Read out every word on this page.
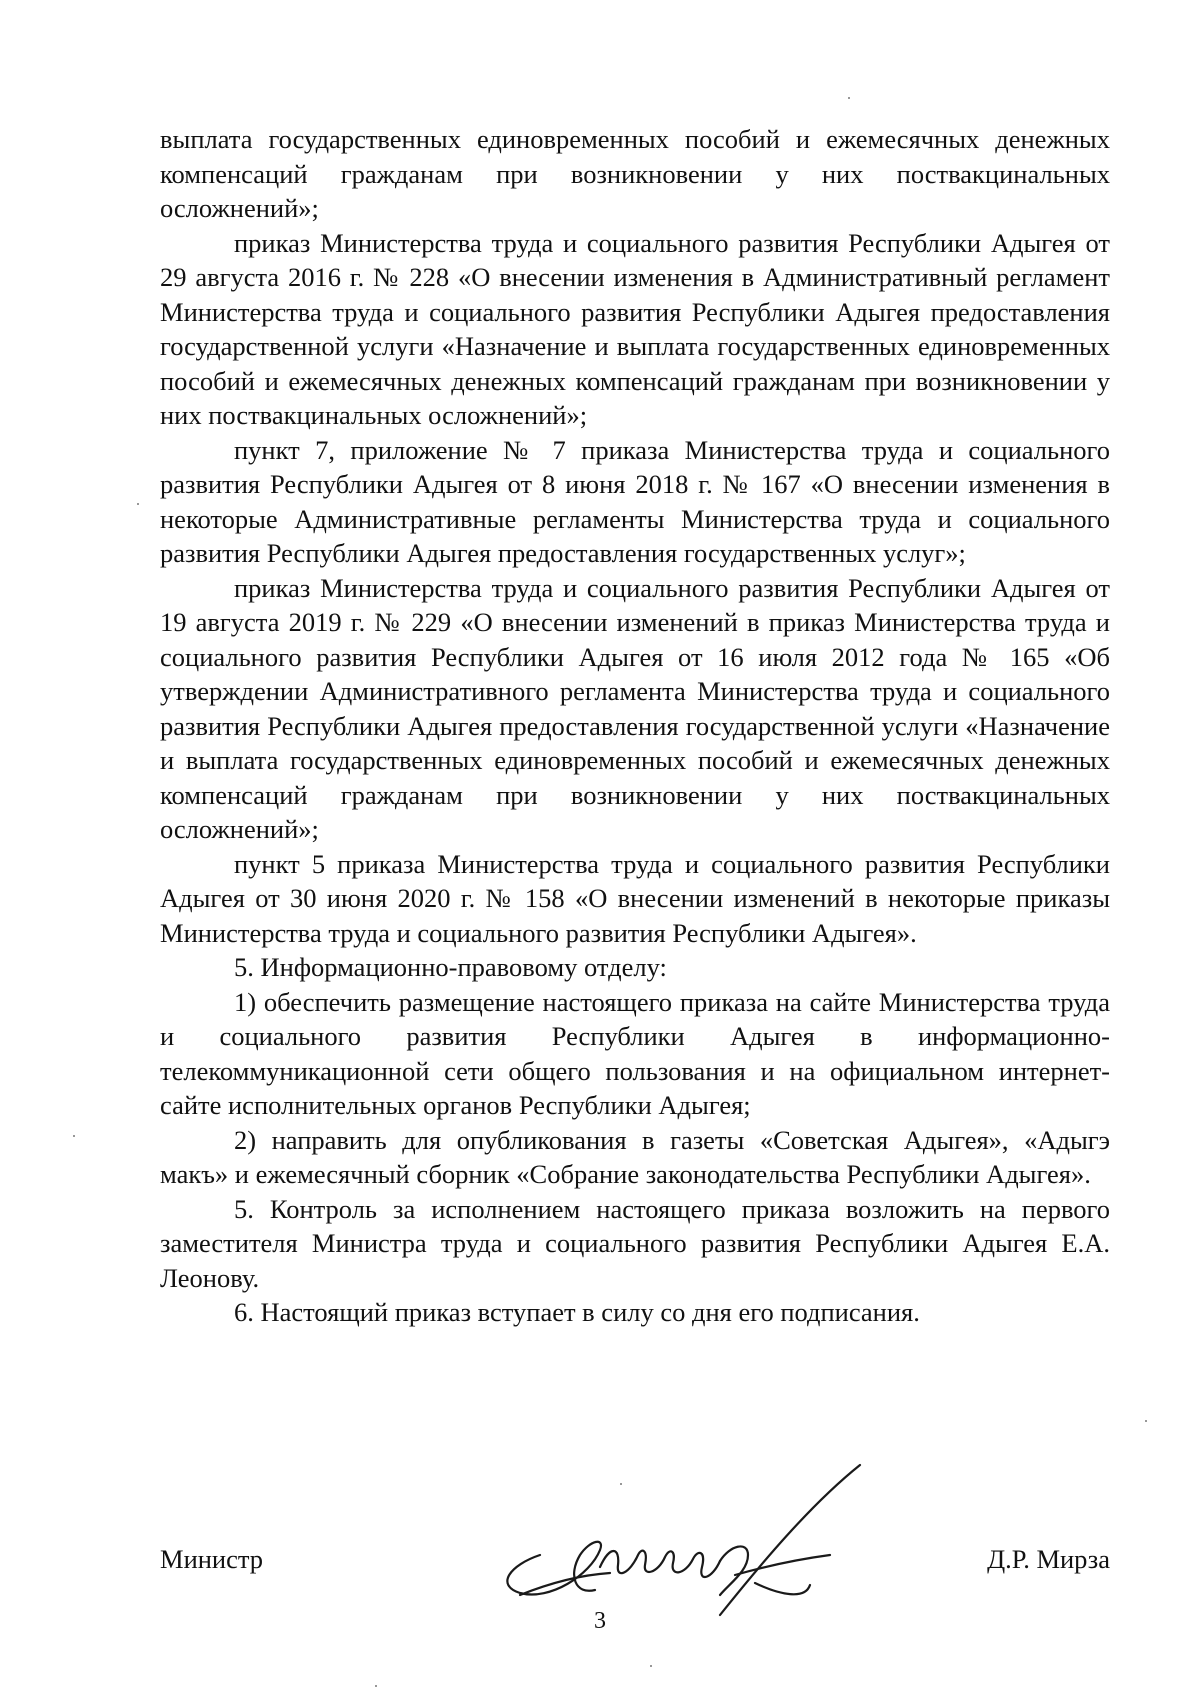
выплата государственных единовременных пособий и ежемесячных денежных компенсаций гражданам при возникновении у них поствакцинальных осложнений»;

приказ Министерства труда и социального развития Республики Адыгея от 29 августа 2016 г. № 228 «О внесении изменения в Административный регламент Министерства труда и социального развития Республики Адыгея предоставления государственной услуги «Назначение и выплата государственных единовременных пособий и ежемесячных денежных компенсаций гражданам при возникновении у них поствакцинальных осложнений»;

пункт 7, приложение № 7 приказа Министерства труда и социального развития Республики Адыгея от 8 июня 2018 г. № 167 «О внесении изменения в некоторые Административные регламенты Министерства труда и социального развития Республики Адыгея предоставления государственных услуг»;

приказ Министерства труда и социального развития Республики Адыгея от 19 августа 2019 г. № 229 «О внесении изменений в приказ Министерства труда и социального развития Республики Адыгея от 16 июля 2012 года № 165 «Об утверждении Административного регламента Министерства труда и социального развития Республики Адыгея предоставления государственной услуги «Назначение и выплата государственных единовременных пособий и ежемесячных денежных компенсаций гражданам при возникновении у них поствакцинальных осложнений»;

пункт 5 приказа Министерства труда и социального развития Республики Адыгея от 30 июня 2020 г. № 158 «О внесении изменений в некоторые приказы Министерства труда и социального развития Республики Адыгея».

5. Информационно-правовому отделу:

1) обеспечить размещение настоящего приказа на сайте Министерства труда и социального развития Республики Адыгея в информационно-телекоммуникационной сети общего пользования и на официальном интернет-сайте исполнительных органов Республики Адыгея;

2) направить для опубликования в газеты «Советская Адыгея», «Адыгэ макъ» и ежемесячный сборник «Собрание законодательства Республики Адыгея».

5. Контроль за исполнением настоящего приказа возложить на первого заместителя Министра труда и социального развития Республики Адыгея Е.А. Леонову.

6. Настоящий приказ вступает в силу со дня его подписания.

Министр	Д.Р. Мирза
3
